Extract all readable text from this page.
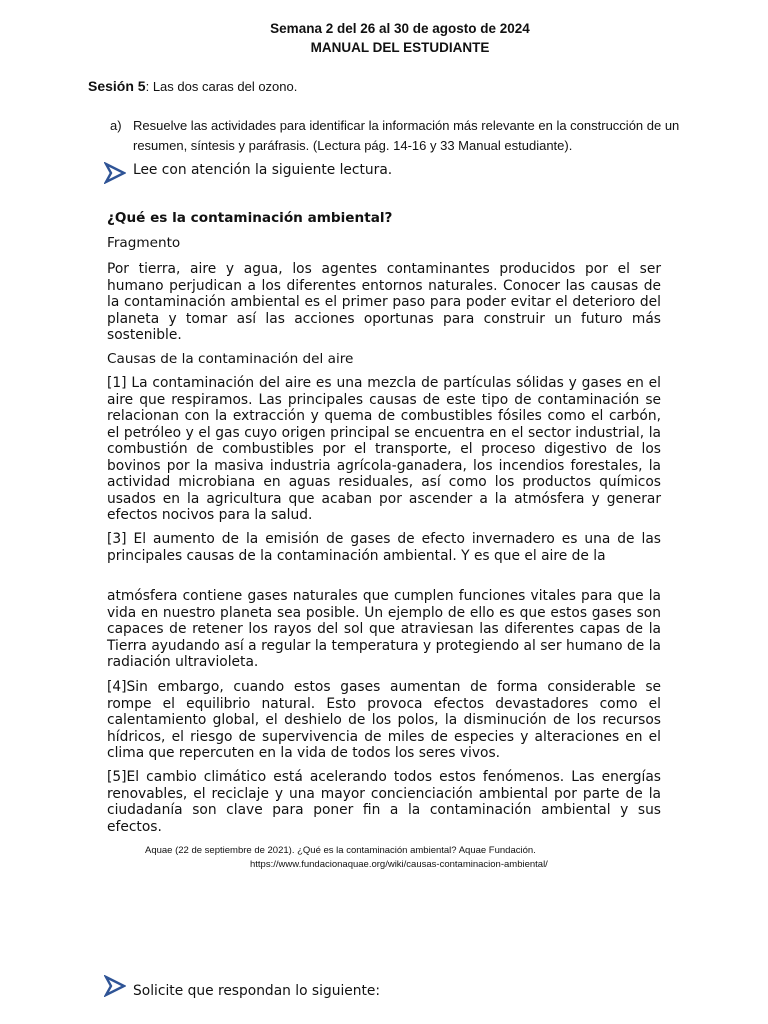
Semana 2 del 26 al 30 de agosto de 2024
MANUAL DEL ESTUDIANTE
Sesión 5: Las dos caras del ozono.
a) Resuelve las actividades para identificar la información más relevante en la construcción de un resumen, síntesis y paráfrasis. (Lectura pág. 14-16 y 33 Manual estudiante).
Lee con atención la siguiente lectura.
¿Qué es la contaminación ambiental?
Fragmento

Por tierra, aire y agua, los agentes contaminantes producidos por el ser humano perjudican a los diferentes entornos naturales. Conocer las causas de la contaminación ambiental es el primer paso para poder evitar el deterioro del planeta y tomar así las acciones oportunas para construir un futuro más sostenible.

Causas de la contaminación del aire

[1] La contaminación del aire es una mezcla de partículas sólidas y gases en el aire que respiramos. Las principales causas de este tipo de contaminación se relacionan con la extracción y quema de combustibles fósiles como el carbón, el petróleo y el gas cuyo origen principal se encuentra en el sector industrial, la combustión de combustibles por el transporte, el proceso digestivo de los bovinos por la masiva industria agrícola-ganadera, los incendios forestales, la actividad microbiana en aguas residuales, así como los productos químicos usados en la agricultura que acaban por ascender a la atmósfera y generar efectos nocivos para la salud.

[3] El aumento de la emisión de gases de efecto invernadero es una de las principales causas de la contaminación ambiental. Y es que el aire de la

atmósfera contiene gases naturales que cumplen funciones vitales para que la vida en nuestro planeta sea posible. Un ejemplo de ello es que estos gases son capaces de retener los rayos del sol que atraviesan las diferentes capas de la Tierra ayudando así a regular la temperatura y protegiendo al ser humano de la radiación ultravioleta.

[4]Sin embargo, cuando estos gases aumentan de forma considerable se rompe el equilibrio natural. Esto provoca efectos devastadores como el calentamiento global, el deshielo de los polos, la disminución de los recursos hídricos, el riesgo de supervivencia de miles de especies y alteraciones en el clima que repercuten en la vida de todos los seres vivos.

[5]El cambio climático está acelerando todos estos fenómenos. Las energías renovables, el reciclaje y una mayor concienciación ambiental por parte de la ciudadanía son clave para poner fin a la contaminación ambiental y sus efectos.

Aquae (22 de septiembre de 2021). ¿Qué es la contaminación ambiental? Aquae Fundación.
https://www.fundacionaquae.org/wiki/causas-contaminacion-ambiental/
Solicite que respondan lo siguiente:
